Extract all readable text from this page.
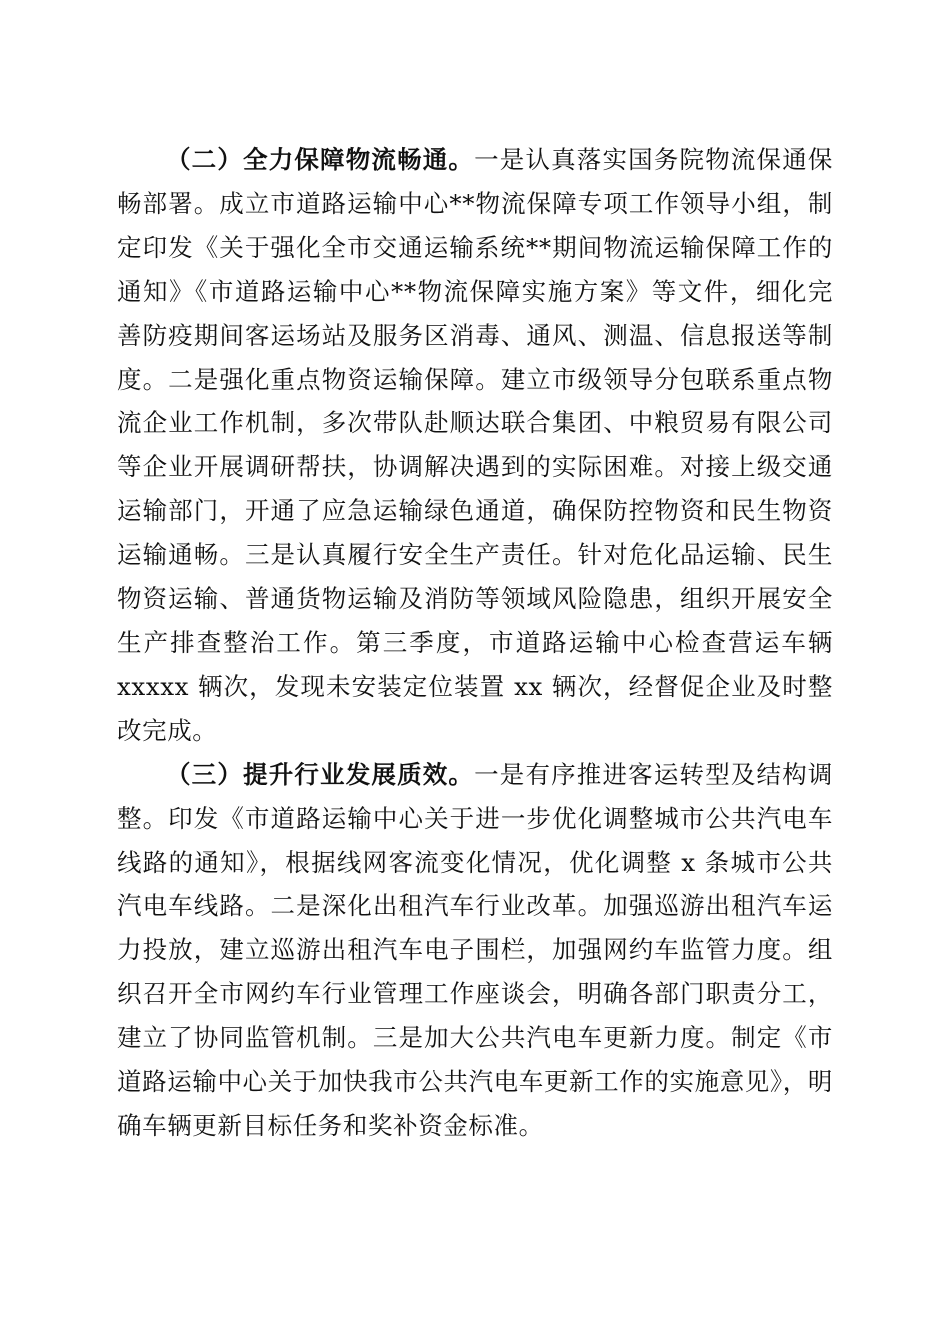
（二）全力保障物流畅通。一是认真落实国务院物流保通保畅部署。成立市道路运输中心**物流保障专项工作领导小组，制定印发《关于强化全市交通运输系统**期间物流运输保障工作的通知》《市道路运输中心**物流保障实施方案》等文件，细化完善防疫期间客运场站及服务区消毒、通风、测温、信息报送等制度。二是强化重点物资运输保障。建立市级领导分包联系重点物流企业工作机制，多次带队赴顺达联合集团、中粮贸易有限公司等企业开展调研帮扶，协调解决遇到的实际困难。对接上级交通运输部门，开通了应急运输绿色通道，确保防控物资和民生物资运输通畅。三是认真履行安全生产责任。针对危化品运输、民生物资运输、普通货物运输及消防等领域风险隐患，组织开展安全生产排查整治工作。第三季度，市道路运输中心检查营运车辆 xxxxx 辆次，发现未安装定位装置 xx 辆次，经督促企业及时整改完成。

（三）提升行业发展质效。一是有序推进客运转型及结构调整。印发《市道路运输中心关于进一步优化调整城市公共汽电车线路的通知》，根据线网客流变化情况，优化调整 x 条城市公共汽电车线路。二是深化出租汽车行业改革。加强巡游出租汽车运力投放，建立巡游出租汽车电子围栏，加强网约车监管力度。组织召开全市网约车行业管理工作座谈会，明确各部门职责分工，建立了协同监管机制。三是加大公共汽电车更新力度。制定《市道路运输中心关于加快我市公共汽电车更新工作的实施意见》，明确车辆更新目标任务和奖补资金标准。
